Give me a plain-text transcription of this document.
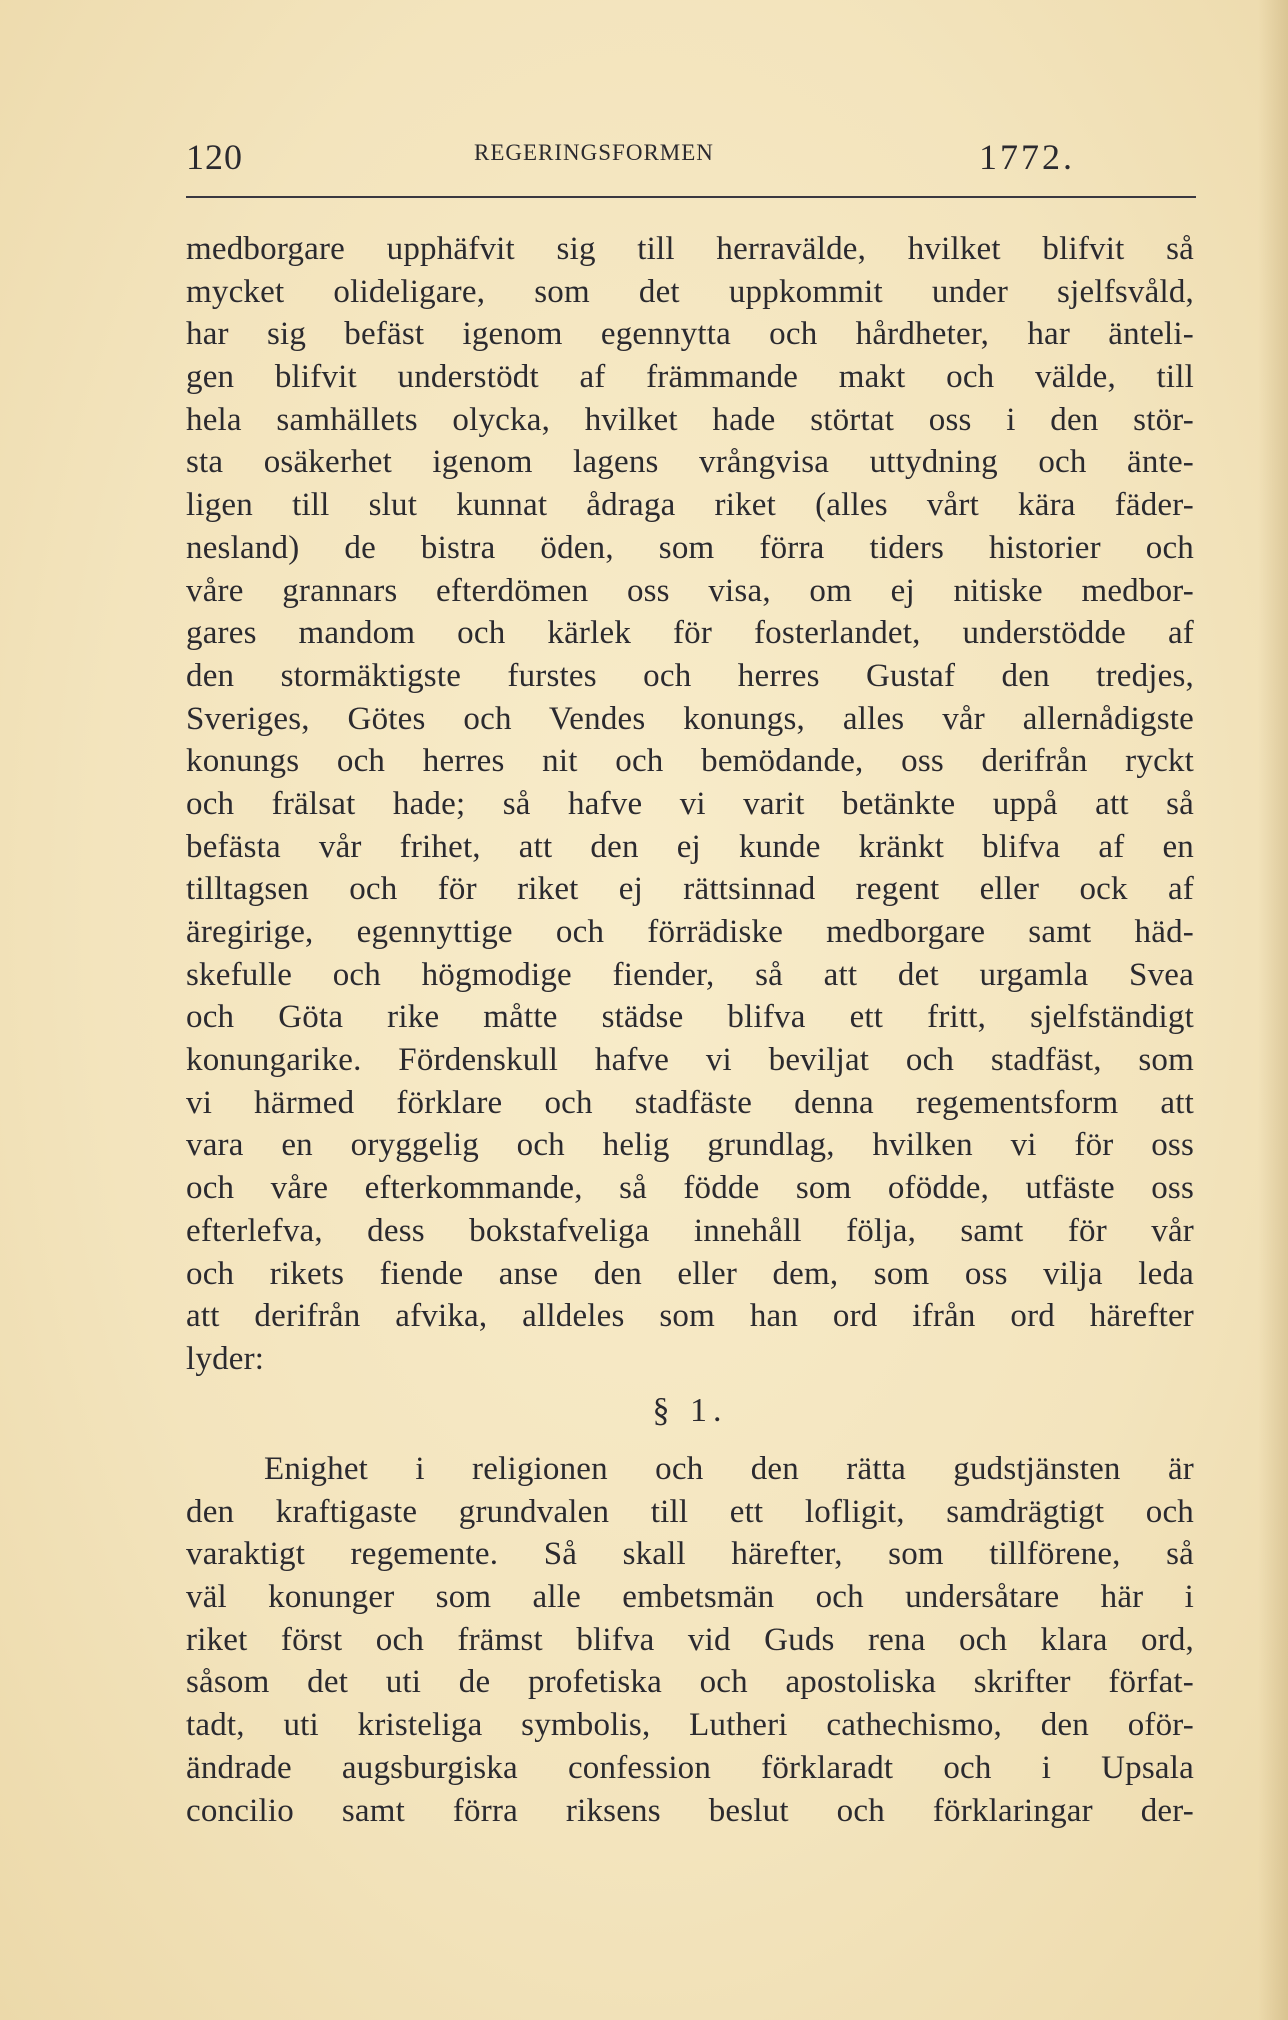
120	REGERINGSFORMEN	1772.
medborgare upphäfvit sig till herravälde, hvilket blifvit så
mycket olideligare, som det uppkommit under sjelfsvåld,
har sig befäst igenom egennytta och hårdheter, har änteli-
gen blifvit understödt af främmande makt och välde, till
hela samhällets olycka, hvilket hade störtat oss i den stör-
sta osäkerhet igenom lagens vrångvisa uttydning och änte-
ligen till slut kunnat ådraga riket (alles vårt kära fäder-
nesland) de bistra öden, som förra tiders historier och
våre grannars efterdömen oss visa, om ej nitiske medbor-
gares mandom och kärlek för fosterlandet, understödde af
den stormäktigste furstes och herres Gustaf den tredjes,
Sveriges, Götes och Vendes konungs, alles vår allernådigste
konungs och herres nit och bemödande, oss derifrån ryckt
och frälsat hade; så hafve vi varit betänkte uppå att så
befästa vår frihet, att den ej kunde kränkt blifva af en
tilltagsen och för riket ej rättsinnad regent eller ock af
äregirige, egennyttige och förrädiske medborgare samt häd-
skefulle och högmodige fiender, så att det urgamla Svea
och Göta rike måtte städse blifva ett fritt, sjelfständigt
konungarike. Fördenskull hafve vi beviljat och stadfäst, som
vi härmed förklare och stadfäste denna regementsform att
vara en oryggelig och helig grundlag, hvilken vi för oss
och våre efterkommande, så födde som ofödde, utfäste oss
efterlefva, dess bokstafveliga innehåll följa, samt för vår
och rikets fiende anse den eller dem, som oss vilja leda
att derifrån afvika, alldeles som han ord ifrån ord härefter
lyder:
§ 1.
Enighet i religionen och den rätta gudstjänsten är
den kraftigaste grundvalen till ett lofligit, samdrägtigt och
varaktigt regemente. Så skall härefter, som tillförene, så
väl konunger som alle embetsmän och undersåtare här i
riket först och främst blifva vid Guds rena och klara ord,
såsom det uti de profetiska och apostoliska skrifter förfat-
tadt, uti kristeliga symbolis, Lutheri cathechismo, den oför-
ändrade augsburgiska confession förklaradt och i Upsala
concilio samt förra riksens beslut och förklaringar der-
